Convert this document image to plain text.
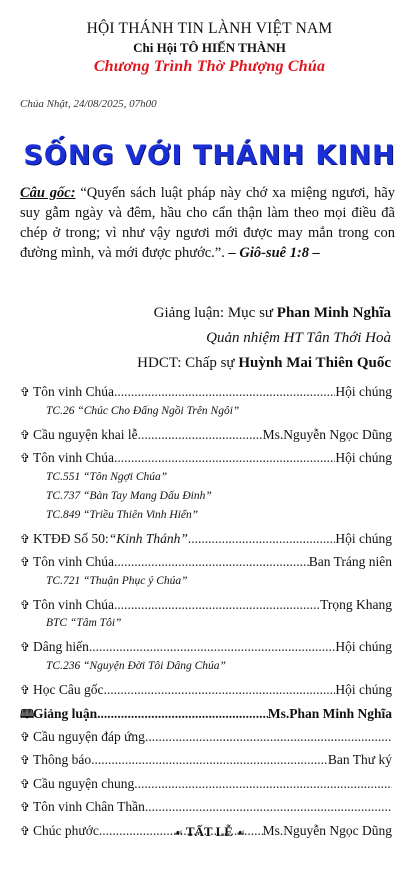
HỘI THÁNH TIN LÀNH VIỆT NAM
Chi Hội TÔ HIẾN THÀNH
Chương Trình Thờ Phượng Chúa
Chúa Nhật, 24/08/2025, 07h00
SỐNG VỚI THÁNH KINH
Câu gốc: “Quyển sách luật pháp này chớ xa miệng ngươi, hãy suy gẫm ngày và đêm, hầu cho cẩn thận làm theo mọi điều đã chép ở trong; vì như vậy ngươi mới được may mắn trong con đường mình, và mới được phước.”. – Giô-suê 1:8 –
Giảng luận: Mục sư Phan Minh Nghĩa
Quản nhiệm HT Tân Thới Hoà
HDCT: Chấp sự Huỳnh Mai Thiên Quốc
✞ Tôn vinh Chúa .....	Hội chúng
TC.26 “Chúc Cho Đấng Ngồi Trên Ngôi”
✞ Cầu nguyện khai lễ .....	Ms.Nguyễn Ngọc Dũng
✞ Tôn vinh Chúa .....	Hội chúng
TC.551 “Tôn Ngợi Chúa”
TC.737 “Bàn Tay Mang Dấu Đinh”
TC.849 “Triều Thiên Vinh Hiển”
✞ KTĐĐ Số 50: “Kinh Thánh” .....	Hội chúng
✞ Tôn vinh Chúa .....	Ban Tráng niên
TC.721 “Thuận Phục ý Chúa”
✞ Tôn vinh Chúa .....	Trọng Khang
BTC “Tâm Tôi”
✞ Dâng hiến .....	Hội chúng
TC.236 “Nguyện Đời Tôi Dâng Chúa”
✞ Học Câu gốc .....	Hội chúng
🕮
Giảng luận .....	Ms.Phan Minh Nghĩa
✞ Cầu nguyện đáp ứng
.....
✞ Thông báo .....	Ban Thư ký
✞ Cầu nguyện chung
.....
✞ Tôn vinh Chân Thần
.....
✞ Chúc phước .....	Ms.Nguyễn Ngọc Dũng
☙ TẤT LỄ ☙
